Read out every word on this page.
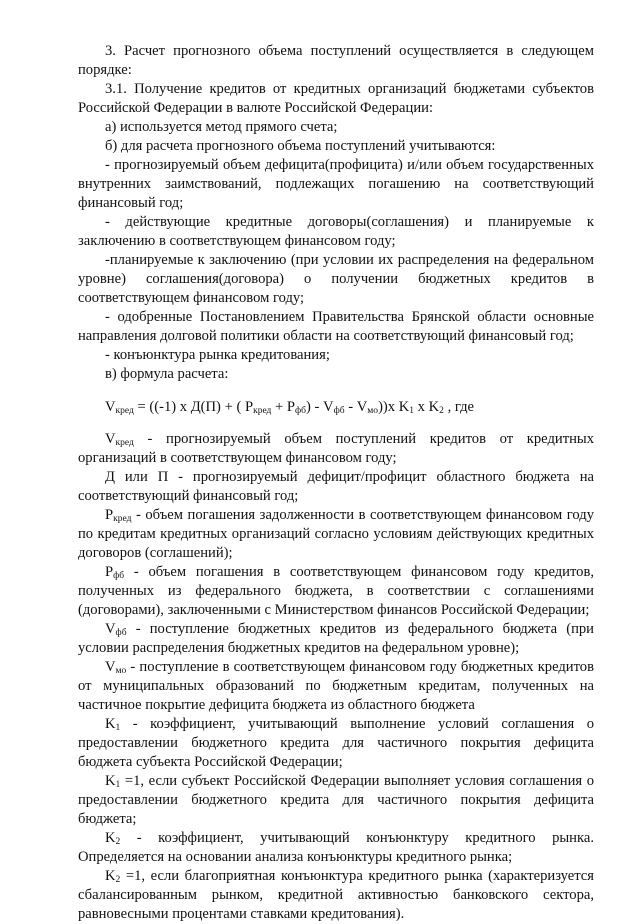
3. Расчет прогнозного объема поступлений осуществляется в следующем порядке:

3.1. Получение кредитов от кредитных организаций бюджетами субъектов Российской Федерации в валюте Российской Федерации:

а) используется метод прямого счета;

б) для расчета прогнозного объема поступлений учитываются:

- прогнозируемый объем дефицита(профицита) и/или объем государственных внутренних заимствований, подлежащих погашению на соответствующий финансовый год;

- действующие кредитные договоры(соглашения) и планируемые к заключению в соответствующем финансовом году;

-планируемые к заключению (при условии их распределения на федеральном уровне) соглашения(договора) о получении бюджетных кредитов в соответствующем финансовом году;

- одобренные Постановлением Правительства Брянской области основные направления долговой политики области на соответствующий финансовый год;

- конъюнктура рынка кредитования;

в) формула расчета:

$V_{кред} = ((-1)$ x Д(П) + ( $P_{кред} + P_{фб}) - V_{фб} - V_{мо}))x$ $K_1$ x $K_2$ , где

$V_{кред}$ - прогнозируемый объем поступлений кредитов от кредитных организаций в соответствующем финансовом году;

Д или П - прогнозируемый дефицит/профицит областного бюджета на соответствующий финансовый год;

$P_{кред}$ - объем погашения задолженности в соответствующем финансовом году по кредитам кредитных организаций согласно условиям действующих кредитных договоров (соглашений);

$P_{фб}$ - объем погашения в соответствующем финансовом году кредитов, полученных из федерального бюджета, в соответствии с соглашениями (договорами), заключенными с Министерством финансов Российской Федерации;

$V_{фб}$ - поступление бюджетных кредитов из федерального бюджета (при условии распределения бюджетных кредитов на федеральном уровне);

$V_{мо}$ - поступление в соответствующем финансовом году бюджетных кредитов от муниципальных образований по бюджетным кредитам, полученных на частичное покрытие дефицита бюджета из областного бюджета

$K_1$ - коэффициент, учитывающий выполнение условий соглашения о предоставлении бюджетного кредита для частичного покрытия дефицита бюджета субъекта Российской Федерации;

$K_1 =1$, если субъект Российской Федерации выполняет условия соглашения о предоставлении бюджетного кредита для частичного покрытия дефицита бюджета;

$K_2$ - коэффициент, учитывающий конъюнктуру кредитного рынка. Определяется на основании анализа конъюнктуры кредитного рынка;

$K_2 =1$, если благоприятная конъюнктура кредитного рынка (характеризуется сбалансированным рынком, кредитной активностью банковского сектора, равновесными процентами ставками кредитования).
